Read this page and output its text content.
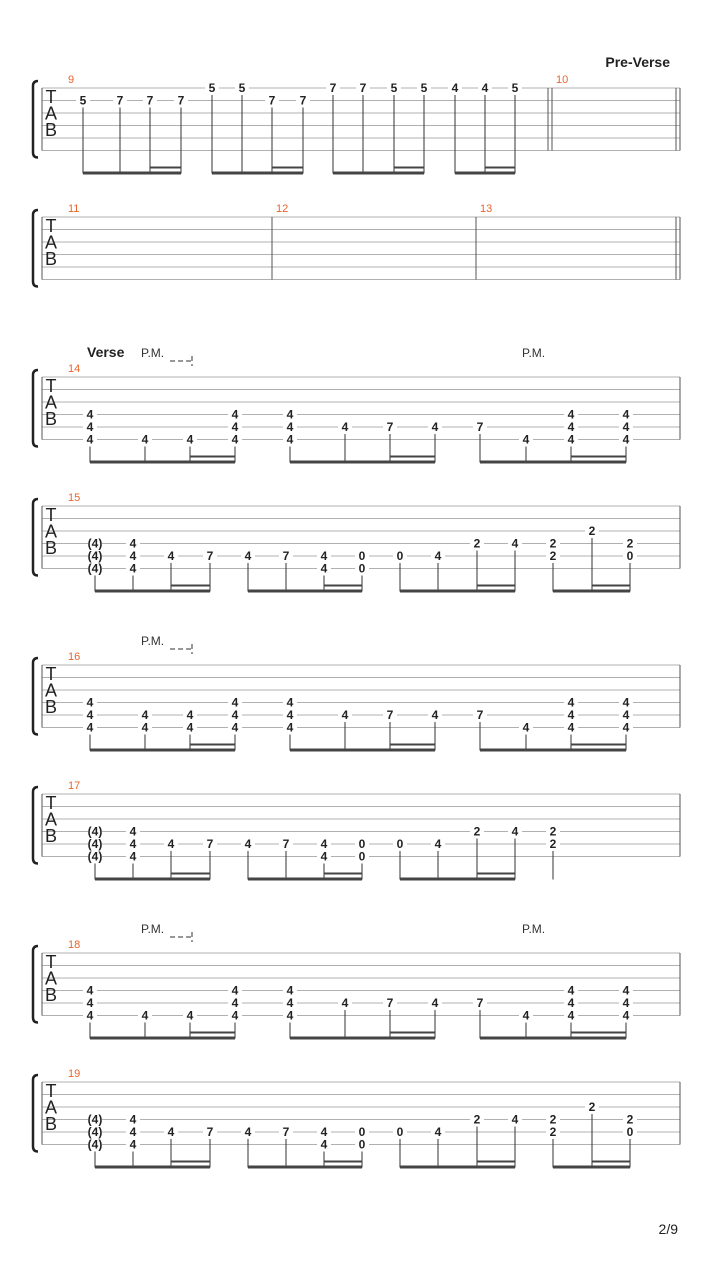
T
A
B
Pre-Verse
9
5	7 7 7
5 5
7 7
7 7 5 5 4 4 5
10
T
A
B
11	12	13
T
A
B
Verse P.M.	P.M.
14
4
4
4	4	4
4
4
4
4
4
4
4	7	4	7
4
4
4
4
4
4
4
T
A
B
15
(4)
(4)
(4)
4
4
4
4	7	4	7	4
4
0
0
0	4
2	4	2
2
2
2
0
T
A
B
P.M.
16
4
4
4
4
4
4
4
4
4
4
4
4
4
4	7	4	7
4
4
4
4
4
4
4
T
A
B
17
(4)
(4)
(4)
4
4
4
4	7	4	7	4
4
0
0
0	4
2	4	2
2
T
A
B
P.M.	P.M.
18
4
4
4	4	4
4
4
4
4
4
4
4	7	4	7
4
4
4
4
4
4
4
T
A
B
19
(4)
(4)
(4)
4
4
4
4	7	4	7	4
4
0
0
0	4
2	4	2
2
2
2
0
2/9
